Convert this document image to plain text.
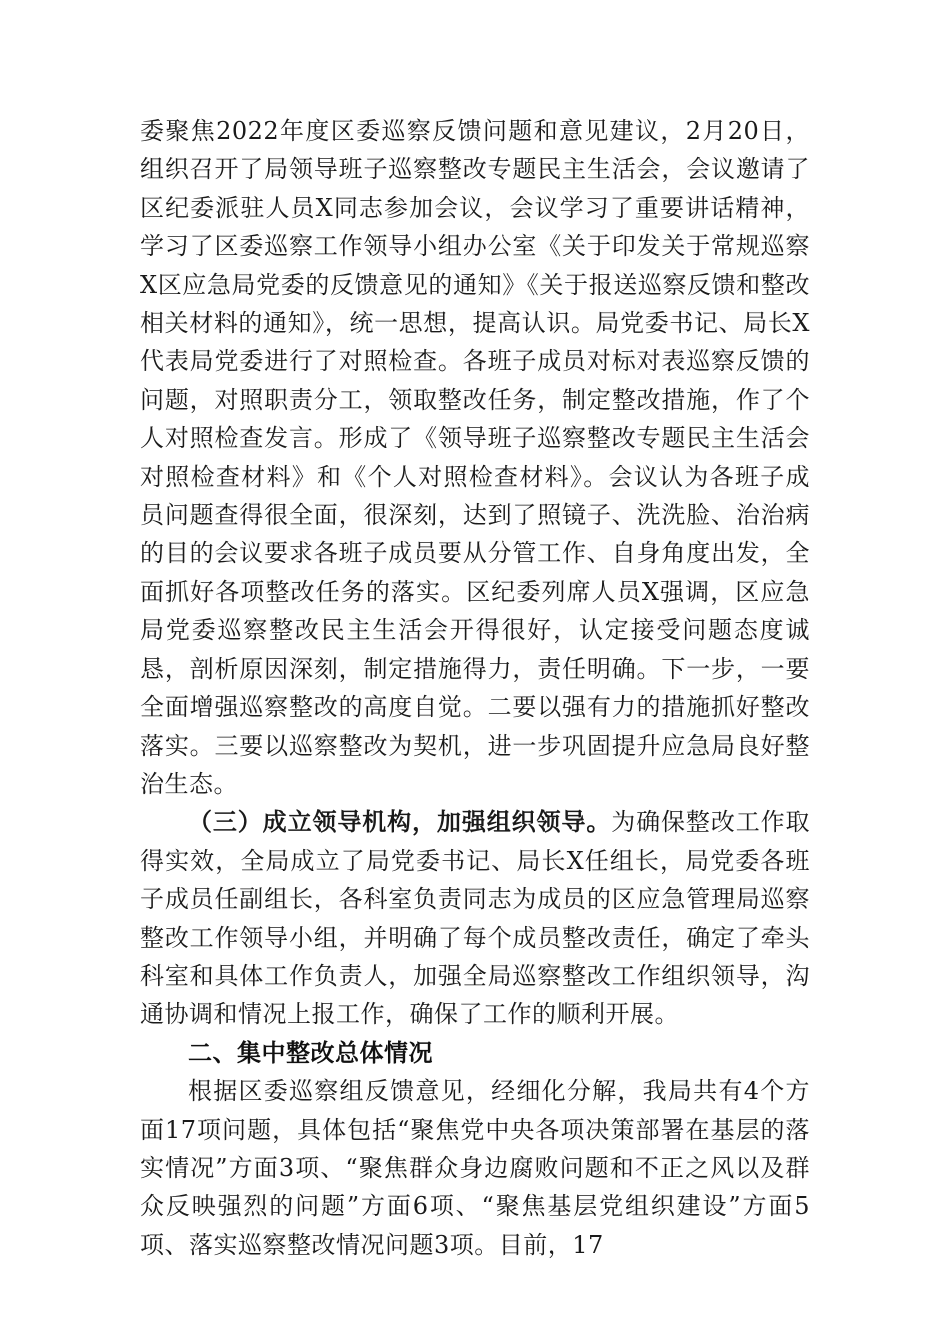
委聚焦2022年度区委巡察反馈问题和意见建议，2月20日，组织召开了局领导班子巡察整改专题民主生活会，会议邀请了区纪委派驻人员X同志参加会议，会议学习了重要讲话精神，学习了区委巡察工作领导小组办公室《关于印发关于常规巡察X区应急局党委的反馈意见的通知》《关于报送巡察反馈和整改相关材料的通知》，统一思想，提高认识。局党委书记、局长X代表局党委进行了对照检查。各班子成员对标对表巡察反馈的问题，对照职责分工，领取整改任务，制定整改措施，作了个人对照检查发言。形成了《领导班子巡察整改专题民主生活会对照检查材料》和《个人对照检查材料》。会议认为各班子成员问题查得很全面，很深刻，达到了照镜子、洗洗脸、治治病的目的会议要求各班子成员要从分管工作、自身角度出发，全面抓好各项整改任务的落实。区纪委列席人员X强调，区应急局党委巡察整改民主生活会开得很好，认定接受问题态度诚恳，剖析原因深刻，制定措施得力，责任明确。下一步，一要全面增强巡察整改的高度自觉。二要以强有力的措施抓好整改落实。三要以巡察整改为契机，进一步巩固提升应急局良好整治生态。

（三）成立领导机构，加强组织领导。为确保整改工作取得实效，全局成立了局党委书记、局长X任组长，局党委各班子成员任副组长，各科室负责同志为成员的区应急管理局巡察整改工作领导小组，并明确了每个成员整改责任，确定了牵头科室和具体工作负责人，加强全局巡察整改工作组织领导，沟通协调和情况上报工作，确保了工作的顺利开展。

二、集中整改总体情况

根据区委巡察组反馈意见，经细化分解，我局共有4个方面17项问题，具体包括“聚焦党中央各项决策部署在基层的落实情况”方面3项、“聚焦群众身边腐败问题和不正之风以及群众反映强烈的问题”方面6项、“聚焦基层党组织建设”方面5项、落实巡察整改情况问题3项。目前，17
